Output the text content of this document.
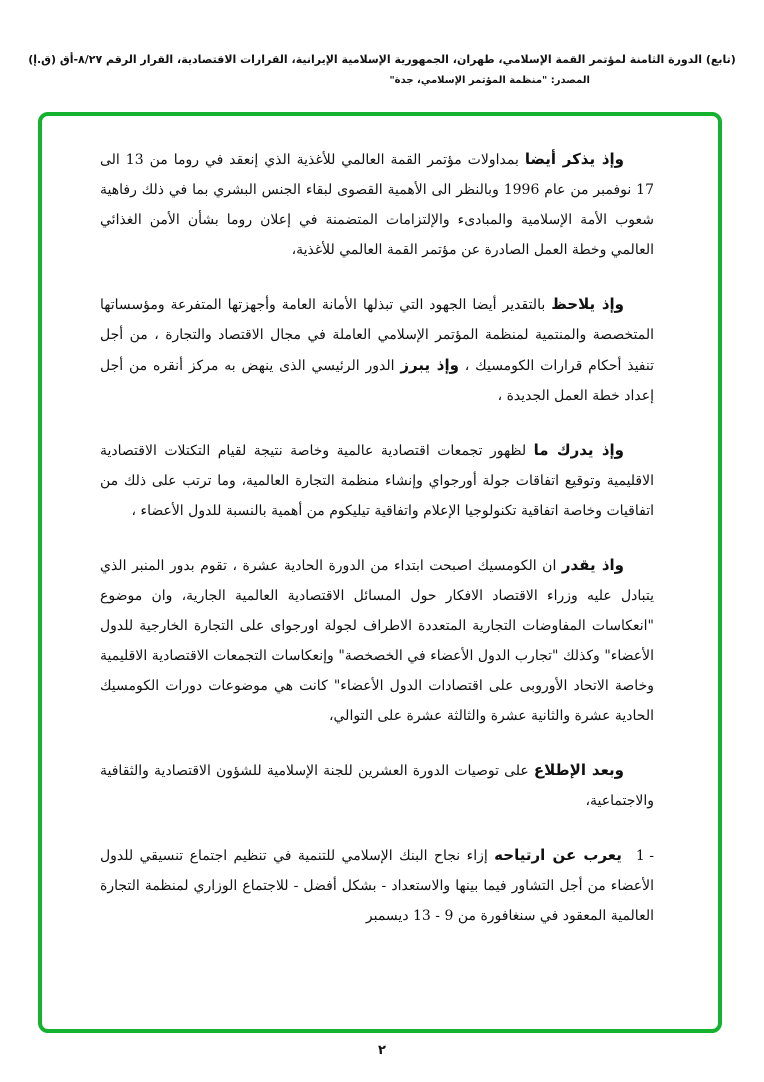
(تابع) الدورة الثامنة لمؤتمر القمة الإسلامي، طهران، الجمهورية الإسلامية الإيرانية، القرارات الاقتصادية، القرار الرقم ٨/٢٧-أق (ق.إ)
المصدر: "منظمة المؤتمر الإسلامي، جدة"

وإذ يذكر أيضا بمداولات مؤتمر القمة العالمي للأغذية الذي إنعقد في روما من 13 الى 17 نوفمبر من عام 1996 وبالنظر الى الأهمية القصوى لبقاء الجنس البشري بما في ذلك رفاهية شعوب الأمة الإسلامية والمبادىء والإلتزامات المتضمنة في إعلان روما بشأن الأمن الغذائي العالمي وخطة العمل الصادرة عن مؤتمر القمة العالمي للأغذية،

وإذ يلاحظ بالتقدير أيضا الجهود التي تبذلها الأمانة العامة وأجهزتها المتفرعة ومؤسساتها المتخصصة والمنتمية لمنظمة المؤتمر الإسلامي العاملة في مجال الاقتصاد والتجارة ، من أجل تنفيذ أحكام قرارات الكومسيك ، وإذ يبرز الدور الرئيسي الذى ينهض به مركز أنقره من أجل إعداد خطة العمل الجديدة ،

وإذ يدرك ما لظهور تجمعات اقتصادية عالمية وخاصة نتيجة لقيام التكتلات الاقتصادية الاقليمية وتوقيع اتفاقات جولة أورجواي وإنشاء منظمة التجارة العالمية، وما ترتب على ذلك من اتفاقيات وخاصة اتفاقية تكنولوجيا الإعلام واتفاقية تيليكوم من أهمية بالنسبة للدول الأعضاء ،

واذ يقدر ان الكومسيك اصبحت ابتداء من الدورة الحادية عشرة ، تقوم بدور المنبر الذي يتبادل عليه وزراء الاقتصاد الافكار حول المسائل الاقتصادية العالمية الجارية، وان موضوع "انعكاسات المفاوضات التجارية المتعددة الاطراف لجولة اورجواى على التجارة الخارجية للدول الأعضاء" وكذلك "تجارب الدول الأعضاء في الخصخصة" وإنعكاسات التجمعات الاقتصادية الاقليمية وخاصة الاتحاد الأوروبى على اقتصادات الدول الأعضاء" كانت هي موضوعات دورات الكومسيك الحادية عشرة والثانية عشرة والثالثة عشرة على التوالي،

وبعد الإطلاع على توصيات الدورة العشرين للجنة الإسلامية للشؤون الاقتصادية والثقافية والاجتماعية،

1 -يعرب عن ارتياحه إزاء نجاح البنك الإسلامي للتنمية في تنظيم اجتماع تنسيقي للدول الأعضاء من أجل التشاور فيما بينها والاستعداد - بشكل أفضل - للاجتماع الوزاري لمنظمة التجارة العالمية المعقود في سنغافورة من 9 - 13 ديسمبر

٢
